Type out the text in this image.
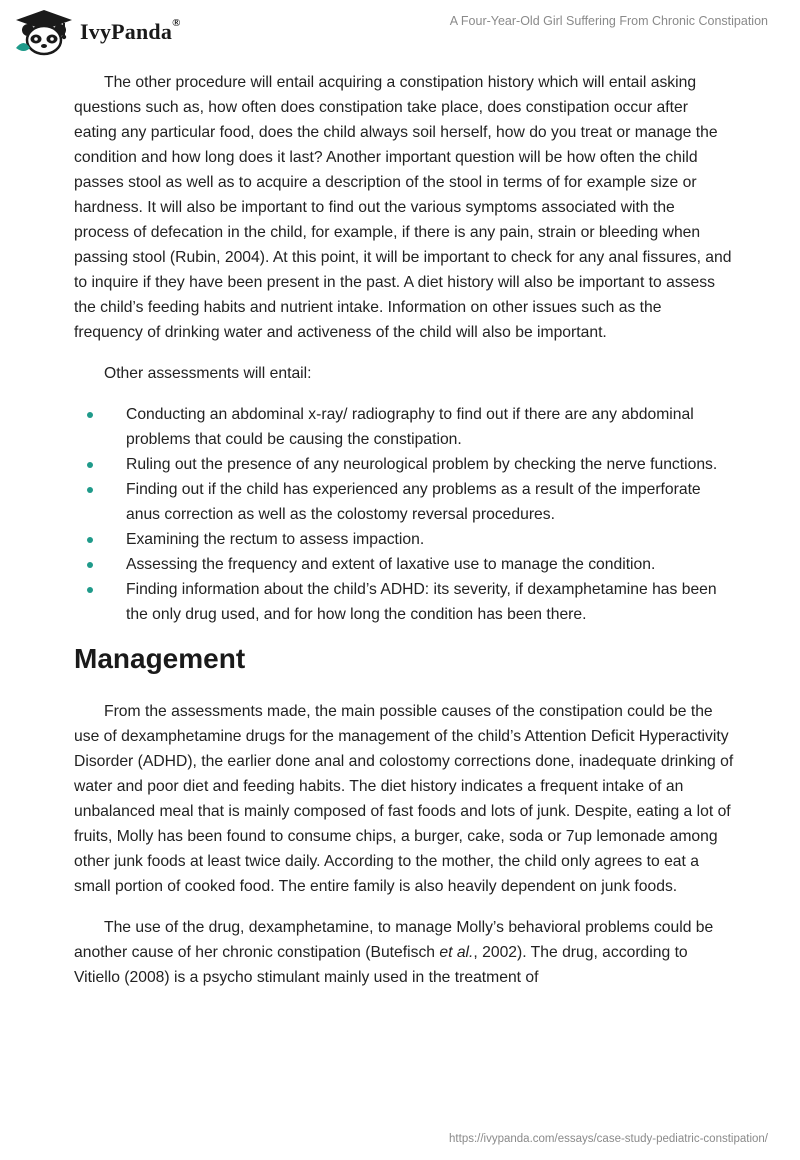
IvyPanda®	A Four-Year-Old Girl Suffering From Chronic Constipation

The other procedure will entail acquiring a constipation history which will entail asking questions such as, how often does constipation take place, does constipation occur after eating any particular food, does the child always soil herself, how do you treat or manage the condition and how long does it last? Another important question will be how often the child passes stool as well as to acquire a description of the stool in terms of for example size or hardness. It will also be important to find out the various symptoms associated with the process of defecation in the child, for example, if there is any pain, strain or bleeding when passing stool (Rubin, 2004). At this point, it will be important to check for any anal fissures, and to inquire if they have been present in the past. A diet history will also be important to assess the child’s feeding habits and nutrient intake. Information on other issues such as the frequency of drinking water and activeness of the child will also be important.

Other assessments will entail:

Conducting an abdominal x-ray/ radiography to find out if there are any abdominal problems that could be causing the constipation.
Ruling out the presence of any neurological problem by checking the nerve functions.
Finding out if the child has experienced any problems as a result of the imperforate anus correction as well as the colostomy reversal procedures.
Examining the rectum to assess impaction.
Assessing the frequency and extent of laxative use to manage the condition.
Finding information about the child’s ADHD: its severity, if dexamphetamine has been the only drug used, and for how long the condition has been there.
Management

From the assessments made, the main possible causes of the constipation could be the use of dexamphetamine drugs for the management of the child’s Attention Deficit Hyperactivity Disorder (ADHD), the earlier done anal and colostomy corrections done, inadequate drinking of water and poor diet and feeding habits. The diet history indicates a frequent intake of an unbalanced meal that is mainly composed of fast foods and lots of junk. Despite, eating a lot of fruits, Molly has been found to consume chips, a burger, cake, soda or 7up lemonade among other junk foods at least twice daily. According to the mother, the child only agrees to eat a small portion of cooked food. The entire family is also heavily dependent on junk foods.

The use of the drug, dexamphetamine, to manage Molly’s behavioral problems could be another cause of her chronic constipation (Butefisch et al., 2002). The drug, according to Vitiello (2008) is a psycho stimulant mainly used in the treatment of

https://ivypanda.com/essays/case-study-pediatric-constipation/
